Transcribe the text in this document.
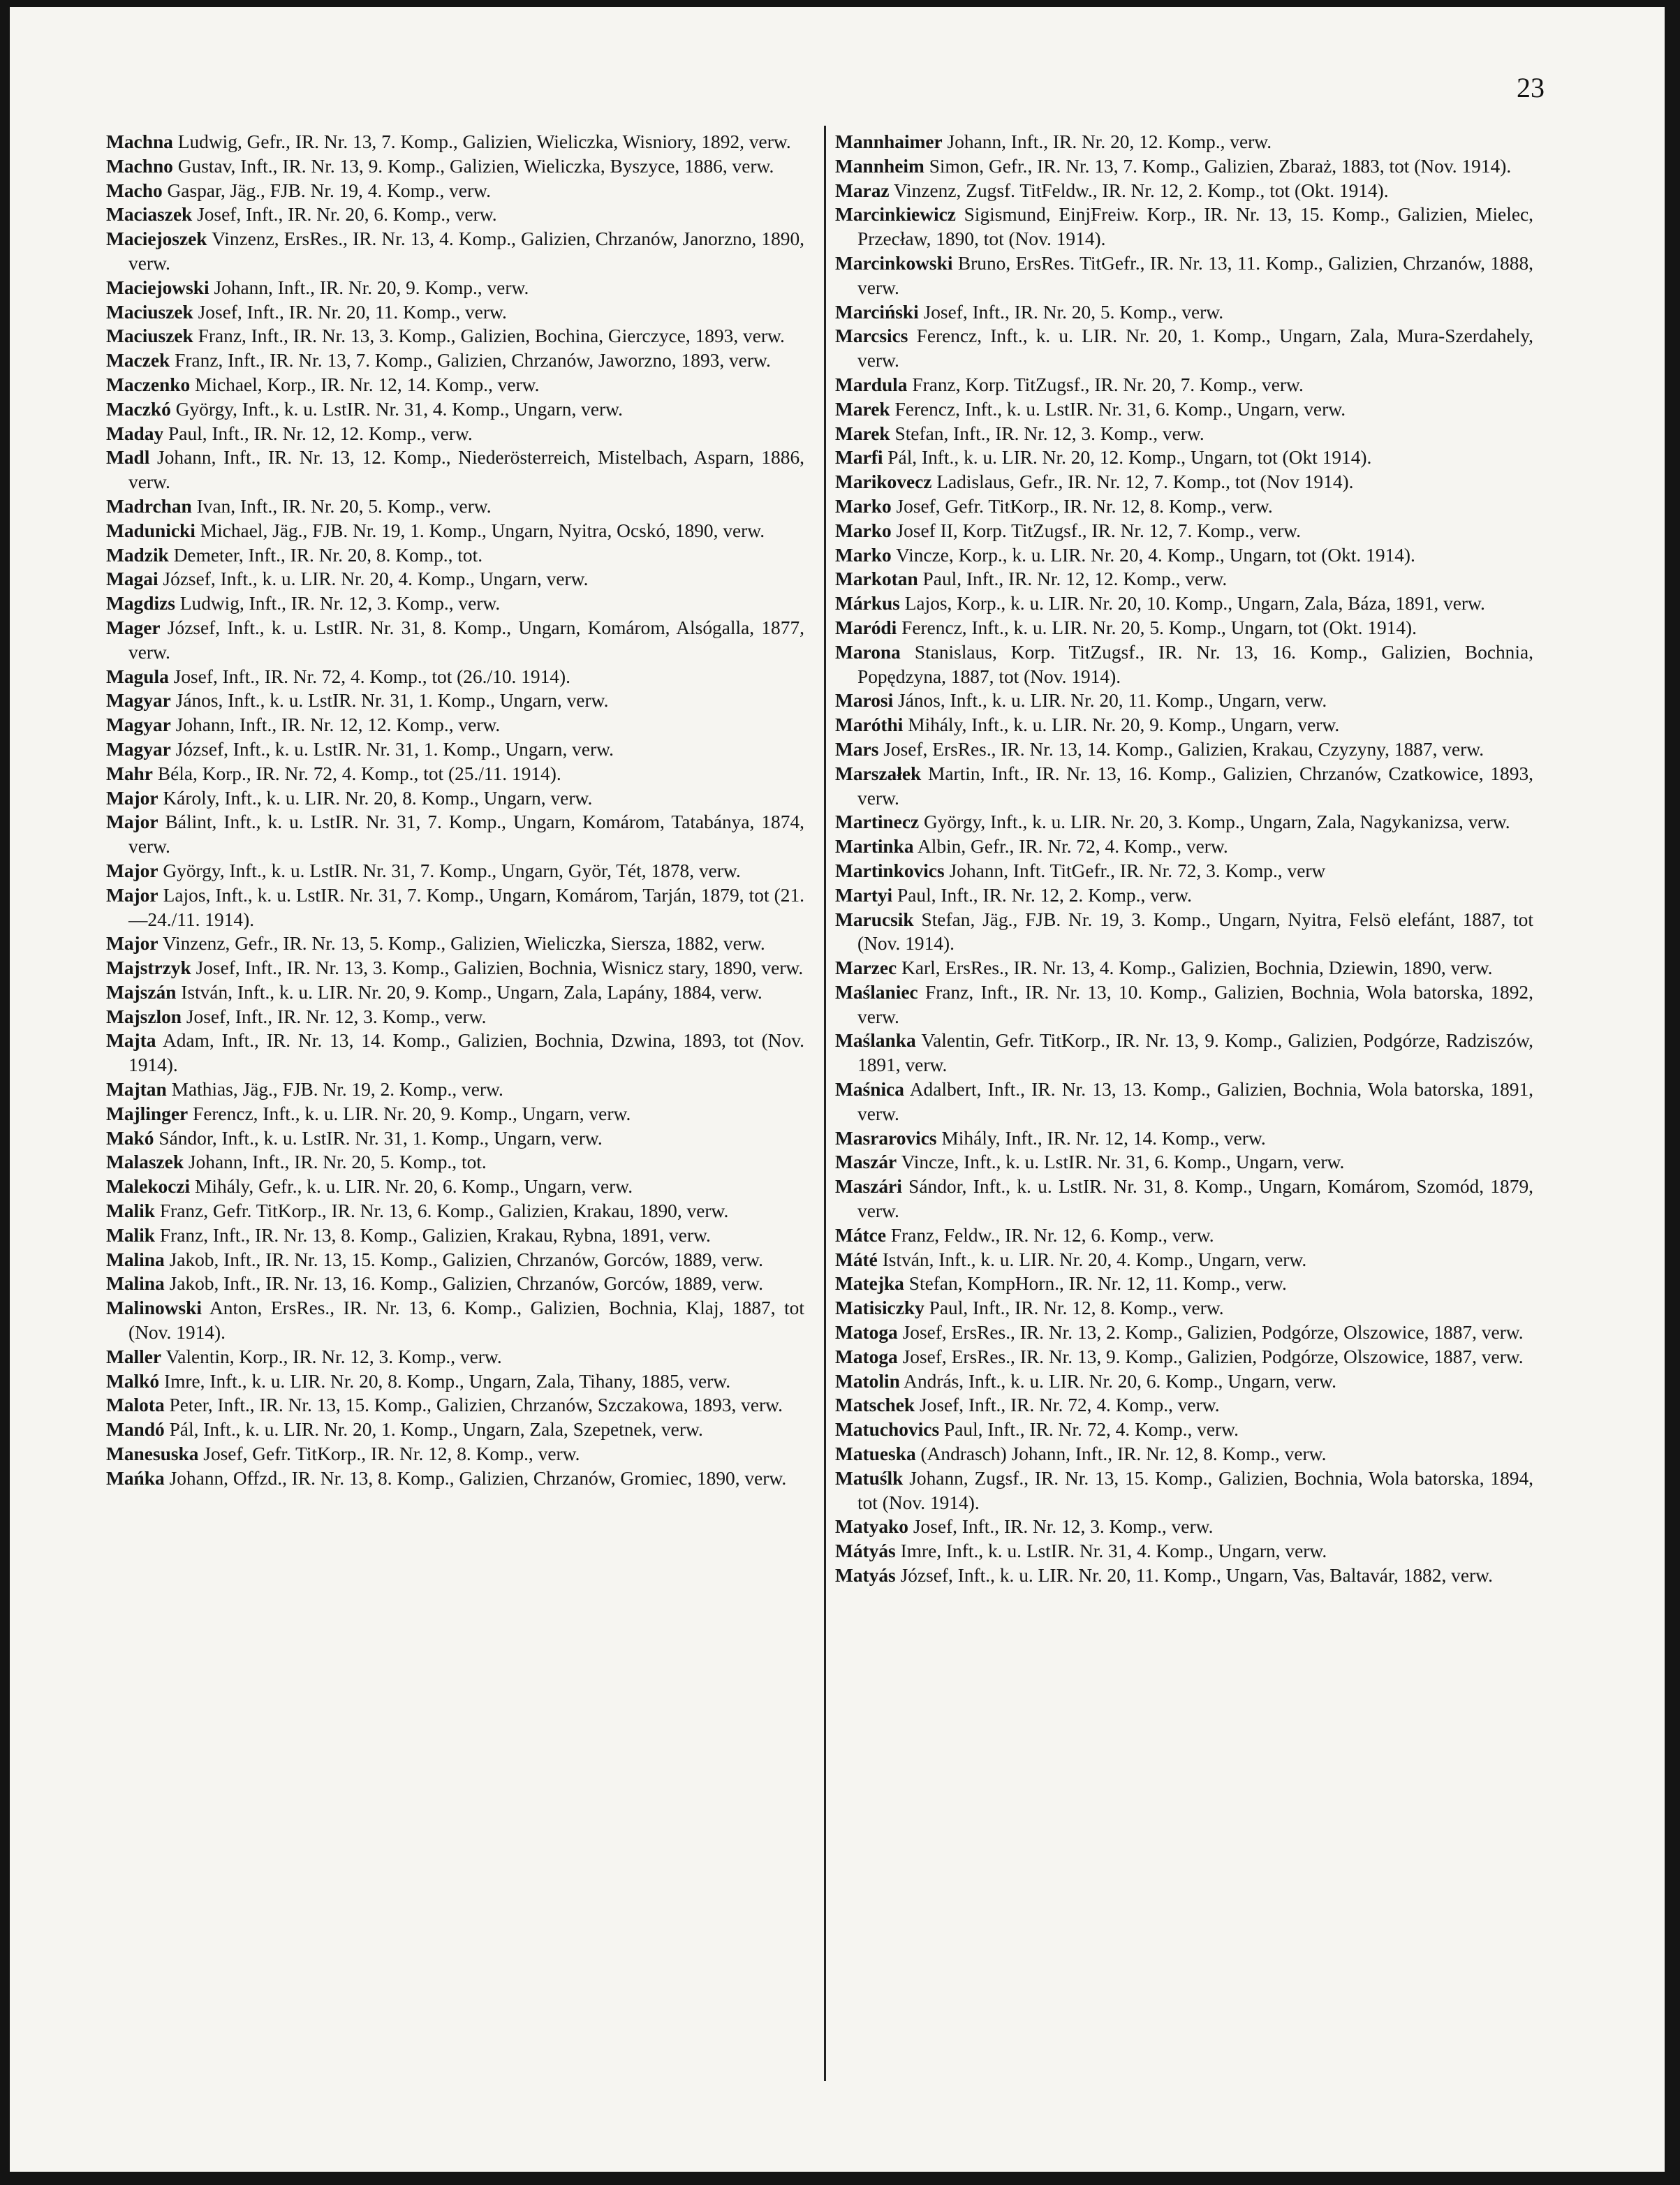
23

Machna Ludwig, Gefr., IR. Nr. 13, 7. Komp., Galizien, Wieliczka, Wisniory, 1892, verw.

Machno Gustav, Inft., IR. Nr. 13, 9. Komp., Galizien, Wieliczka, Byszyce, 1886, verw.

Macho Gaspar, Jäg., FJB. Nr. 19, 4. Komp., verw.

Maciaszek Josef, Inft., IR. Nr. 20, 6. Komp., verw.

Maciejoszek Vinzenz, ErsRes., IR. Nr. 13, 4. Komp., Galizien, Chrzanów, Janorzno, 1890, verw.

Maciejowski Johann, Inft., IR. Nr. 20, 9. Komp., verw.

Maciuszek Josef, Inft., IR. Nr. 20, 11. Komp., verw.

Maciuszek Franz, Inft., IR. Nr. 13, 3. Komp., Galizien, Bochina, Gierczyce, 1893, verw.

Maczek Franz, Inft., IR. Nr. 13, 7. Komp., Galizien, Chrzanów, Jaworzno, 1893, verw.

Maczenko Michael, Korp., IR. Nr. 12, 14. Komp., verw.

Maczkó György, Inft., k. u. LstIR. Nr. 31, 4. Komp., Ungarn, verw.

Maday Paul, Inft., IR. Nr. 12, 12. Komp., verw.

Madl Johann, Inft., IR. Nr. 13, 12. Komp., Niederösterreich, Mistelbach, Asparn, 1886, verw.

Madrchan Ivan, Inft., IR. Nr. 20, 5. Komp., verw.

Madunicki Michael, Jäg., FJB. Nr. 19, 1. Komp., Ungarn, Nyitra, Ocskó, 1890, verw.

Madzik Demeter, Inft., IR. Nr. 20, 8. Komp., tot.

Magai József, Inft., k. u. LIR. Nr. 20, 4. Komp., Ungarn, verw.

Magdizs Ludwig, Inft., IR. Nr. 12, 3. Komp., verw.

Mager József, Inft., k. u. LstIR. Nr. 31, 8. Komp., Ungarn, Komárom, Alsógalla, 1877, verw.

Magula Josef, Inft., IR. Nr. 72, 4. Komp., tot (26./10. 1914).

Magyar János, Inft., k. u. LstIR. Nr. 31, 1. Komp., Ungarn, verw.

Magyar Johann, Inft., IR. Nr. 12, 12. Komp., verw.

Magyar József, Inft., k. u. LstIR. Nr. 31, 1. Komp., Ungarn, verw.

Mahr Béla, Korp., IR. Nr. 72, 4. Komp., tot (25./11. 1914).

Major Károly, Inft., k. u. LIR. Nr. 20, 8. Komp., Ungarn, verw.

Major Bálint, Inft., k. u. LstIR. Nr. 31, 7. Komp., Ungarn, Komárom, Tatabánya, 1874, verw.

Major György, Inft., k. u. LstIR. Nr. 31, 7. Komp., Ungarn, Györ, Tét, 1878, verw.

Major Lajos, Inft., k. u. LstIR. Nr. 31, 7. Komp., Ungarn, Komárom, Tarján, 1879, tot (21.—24./11. 1914).

Major Vinzenz, Gefr., IR. Nr. 13, 5. Komp., Galizien, Wieliczka, Siersza, 1882, verw.

Majstrzyk Josef, Inft., IR. Nr. 13, 3. Komp., Galizien, Bochnia, Wisnicz stary, 1890, verw.

Majszán István, Inft., k. u. LIR. Nr. 20, 9. Komp., Ungarn, Zala, Lapány, 1884, verw.

Majszlon Josef, Inft., IR. Nr. 12, 3. Komp., verw.

Majta Adam, Inft., IR. Nr. 13, 14. Komp., Galizien, Bochnia, Dzwina, 1893, tot (Nov. 1914).

Majtan Mathias, Jäg., FJB. Nr. 19, 2. Komp., verw.

Majlinger Ferencz, Inft., k. u. LIR. Nr. 20, 9. Komp., Ungarn, verw.

Makó Sándor, Inft., k. u. LstIR. Nr. 31, 1. Komp., Ungarn, verw.

Malaszek Johann, Inft., IR. Nr. 20, 5. Komp., tot.

Malekoczi Mihály, Gefr., k. u. LIR. Nr. 20, 6. Komp., Ungarn, verw.

Malik Franz, Gefr. TitKorp., IR. Nr. 13, 6. Komp., Galizien, Krakau, 1890, verw.

Malik Franz, Inft., IR. Nr. 13, 8. Komp., Galizien, Krakau, Rybna, 1891, verw.

Malina Jakob, Inft., IR. Nr. 13, 15. Komp., Galizien, Chrzanów, Gorców, 1889, verw.

Malina Jakob, Inft., IR. Nr. 13, 16. Komp., Galizien, Chrzanów, Gorców, 1889, verw.

Malinowski Anton, ErsRes., IR. Nr. 13, 6. Komp., Galizien, Bochnia, Klaj, 1887, tot (Nov. 1914).

Maller Valentin, Korp., IR. Nr. 12, 3. Komp., verw.

Malkó Imre, Inft., k. u. LIR. Nr. 20, 8. Komp., Ungarn, Zala, Tihany, 1885, verw.

Malota Peter, Inft., IR. Nr. 13, 15. Komp., Galizien, Chrzanów, Szczakowa, 1893, verw.

Mandó Pál, Inft., k. u. LIR. Nr. 20, 1. Komp., Ungarn, Zala, Szepetnek, verw.

Manesuska Josef, Gefr. TitKorp., IR. Nr. 12, 8. Komp., verw.

Mańka Johann, Offzd., IR. Nr. 13, 8. Komp., Galizien, Chrzanów, Gromiec, 1890, verw.

Mannhaimer Johann, Inft., IR. Nr. 20, 12. Komp., verw.

Mannheim Simon, Gefr., IR. Nr. 13, 7. Komp., Galizien, Zbaraż, 1883, tot (Nov. 1914).

Maraz Vinzenz, Zugsf. TitFeldw., IR. Nr. 12, 2. Komp., tot (Okt. 1914).

Marcinkiewicz Sigismund, EinjFreiw. Korp., IR. Nr. 13, 15. Komp., Galizien, Mielec, Przecław, 1890, tot (Nov. 1914).

Marcinkowski Bruno, ErsRes. TitGefr., IR. Nr. 13, 11. Komp., Galizien, Chrzanów, 1888, verw.

Marciński Josef, Inft., IR. Nr. 20, 5. Komp., verw.

Marcsics Ferencz, Inft., k. u. LIR. Nr. 20, 1. Komp., Ungarn, Zala, Mura-Szerdahely, verw.

Mardula Franz, Korp. TitZugsf., IR. Nr. 20, 7. Komp., verw.

Marek Ferencz, Inft., k. u. LstIR. Nr. 31, 6. Komp., Ungarn, verw.

Marek Stefan, Inft., IR. Nr. 12, 3. Komp., verw.

Marfi Pál, Inft., k. u. LIR. Nr. 20, 12. Komp., Ungarn, tot (Okt 1914).

Marikovecz Ladislaus, Gefr., IR. Nr. 12, 7. Komp., tot (Nov 1914).

Marko Josef, Gefr. TitKorp., IR. Nr. 12, 8. Komp., verw.

Marko Josef II, Korp. TitZugsf., IR. Nr. 12, 7. Komp., verw.

Marko Vincze, Korp., k. u. LIR. Nr. 20, 4. Komp., Ungarn, tot (Okt. 1914).

Markotan Paul, Inft., IR. Nr. 12, 12. Komp., verw.

Márkus Lajos, Korp., k. u. LIR. Nr. 20, 10. Komp., Ungarn, Zala, Báza, 1891, verw.

Maródi Ferencz, Inft., k. u. LIR. Nr. 20, 5. Komp., Ungarn, tot (Okt. 1914).

Marona Stanislaus, Korp. TitZugsf., IR. Nr. 13, 16. Komp., Galizien, Bochnia, Popędzyna, 1887, tot (Nov. 1914).

Marosi János, Inft., k. u. LIR. Nr. 20, 11. Komp., Ungarn, verw.

Maróthi Mihály, Inft., k. u. LIR. Nr. 20, 9. Komp., Ungarn, verw.

Mars Josef, ErsRes., IR. Nr. 13, 14. Komp., Galizien, Krakau, Czyzyny, 1887, verw.

Marszałek Martin, Inft., IR. Nr. 13, 16. Komp., Galizien, Chrzanów, Czatkowice, 1893, verw.

Martinecz György, Inft., k. u. LIR. Nr. 20, 3. Komp., Ungarn, Zala, Nagykanizsa, verw.

Martinka Albin, Gefr., IR. Nr. 72, 4. Komp., verw.

Martinkovics Johann, Inft. TitGefr., IR. Nr. 72, 3. Komp., verw

Martyi Paul, Inft., IR. Nr. 12, 2. Komp., verw.

Marucsik Stefan, Jäg., FJB. Nr. 19, 3. Komp., Ungarn, Nyitra, Felsö elefánt, 1887, tot (Nov. 1914).

Marzec Karl, ErsRes., IR. Nr. 13, 4. Komp., Galizien, Bochnia, Dziewin, 1890, verw.

Maślaniec Franz, Inft., IR. Nr. 13, 10. Komp., Galizien, Bochnia, Wola batorska, 1892, verw.

Maślanka Valentin, Gefr. TitKorp., IR. Nr. 13, 9. Komp., Galizien, Podgórze, Radziszów, 1891, verw.

Maśnica Adalbert, Inft., IR. Nr. 13, 13. Komp., Galizien, Bochnia, Wola batorska, 1891, verw.

Masrarovics Mihály, Inft., IR. Nr. 12, 14. Komp., verw.

Maszár Vincze, Inft., k. u. LstIR. Nr. 31, 6. Komp., Ungarn, verw.

Maszári Sándor, Inft., k. u. LstIR. Nr. 31, 8. Komp., Ungarn, Komárom, Szomód, 1879, verw.

Mátce Franz, Feldw., IR. Nr. 12, 6. Komp., verw.

Máté István, Inft., k. u. LIR. Nr. 20, 4. Komp., Ungarn, verw.

Matejka Stefan, KompHorn., IR. Nr. 12, 11. Komp., verw.

Matisiczky Paul, Inft., IR. Nr. 12, 8. Komp., verw.

Matoga Josef, ErsRes., IR. Nr. 13, 2. Komp., Galizien, Podgórze, Olszowice, 1887, verw.

Matoga Josef, ErsRes., IR. Nr. 13, 9. Komp., Galizien, Podgórze, Olszowice, 1887, verw.

Matolin András, Inft., k. u. LIR. Nr. 20, 6. Komp., Ungarn, verw.

Matschek Josef, Inft., IR. Nr. 72, 4. Komp., verw.

Matuchovics Paul, Inft., IR. Nr. 72, 4. Komp., verw.

Matueska (Andrasch) Johann, Inft., IR. Nr. 12, 8. Komp., verw.

Matuślk Johann, Zugsf., IR. Nr. 13, 15. Komp., Galizien, Bochnia, Wola batorska, 1894, tot (Nov. 1914).

Matyako Josef, Inft., IR. Nr. 12, 3. Komp., verw.

Mátyás Imre, Inft., k. u. LstIR. Nr. 31, 4. Komp., Ungarn, verw.

Matyás József, Inft., k. u. LIR. Nr. 20, 11. Komp., Ungarn, Vas, Baltavár, 1882, verw.
